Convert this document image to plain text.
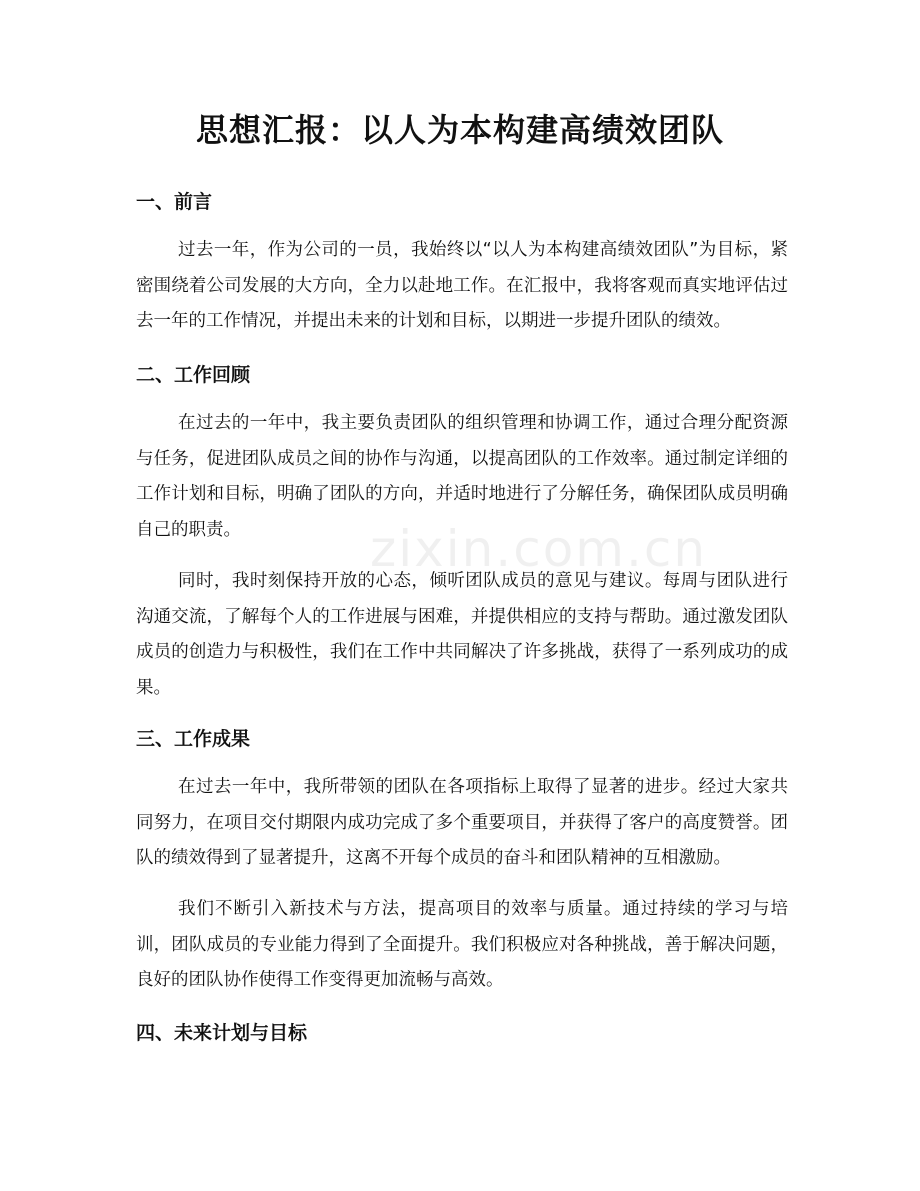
zixin.com.cn
思想汇报：以人为本构建高绩效团队
一、前言

过去一年，作为公司的一员，我始终以“以人为本构建高绩效团队”为目标，紧密围绕着公司发展的大方向，全力以赴地工作。在汇报中，我将客观而真实地评估过去一年的工作情况，并提出未来的计划和目标，以期进一步提升团队的绩效。

二、工作回顾

在过去的一年中，我主要负责团队的组织管理和协调工作，通过合理分配资源与任务，促进团队成员之间的协作与沟通，以提高团队的工作效率。通过制定详细的工作计划和目标，明确了团队的方向，并适时地进行了分解任务，确保团队成员明确自己的职责。

同时，我时刻保持开放的心态，倾听团队成员的意见与建议。每周与团队进行沟通交流，了解每个人的工作进展与困难，并提供相应的支持与帮助。通过激发团队成员的创造力与积极性，我们在工作中共同解决了许多挑战，获得了一系列成功的成果。

三、工作成果

在过去一年中，我所带领的团队在各项指标上取得了显著的进步。经过大家共同努力，在项目交付期限内成功完成了多个重要项目，并获得了客户的高度赞誉。团队的绩效得到了显著提升，这离不开每个成员的奋斗和团队精神的互相激励。

我们不断引入新技术与方法，提高项目的效率与质量。通过持续的学习与培训，团队成员的专业能力得到了全面提升。我们积极应对各种挑战，善于解决问题，良好的团队协作使得工作变得更加流畅与高效。

四、未来计划与目标
